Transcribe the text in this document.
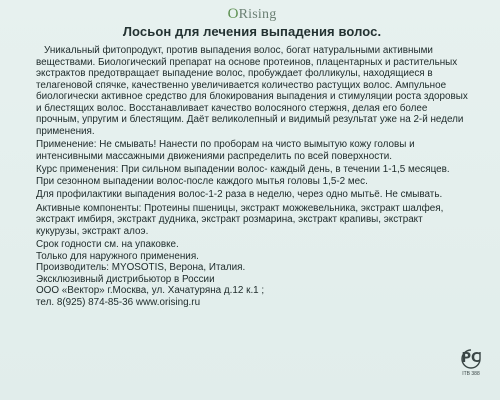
ORising
Лосьон для лечения выпадения волос.

Уникальный фитопродукт, против выпадения волос, богат натуральными активными веществами. Биологический препарат на основе протеинов, плацентарных и растительных экстрактов предотвращает выпадение волос, пробуждает фолликулы, находящиеся в телагеновой спячке, качественно увеличивается количество растущих волос. Ампульное биологически активное средство для блокирования выпадения и стимуляции роста здоровых и блестящих волос. Восстанавливает качество волосяного стержня, делая его более прочным, упругим и блестящим. Даёт великолепный и видимый результат уже на 2-й недели применения.

Применение: Не смывать! Нанести по проборам на чисто вымытую кожу головы и интенсивными массажными движениями распределить по всей поверхности.

Курс применения: При сильном выпадении волос- каждый день, в течении 1-1,5 месяцев. При сезонном выпадении волос-после каждого мытья головы 1,5-2 мес.

Для профилактики выпадения волос-1-2 раза в неделю, через одно мытьё. Не смывать.

Активные компоненты: Протеины пшеницы, экстракт можжевельника, экстракт шалфея, экстракт имбиря, экстракт дудника, экстракт розмарина, экстракт крапивы, экстракт кукурузы, экстракт алоэ.

Срок годности см. на упаковке.

Только для наружного применения.

Производитель: MYOSOTIS, Верона, Италия.

Эксклюзивный дистрибьютор в России

ООО «Вектор» г.Москва, ул. Хачатуряна д.12 к.1 ;

тел. 8(925) 874-85-36 www.orising.ru

PC
ITB 388
